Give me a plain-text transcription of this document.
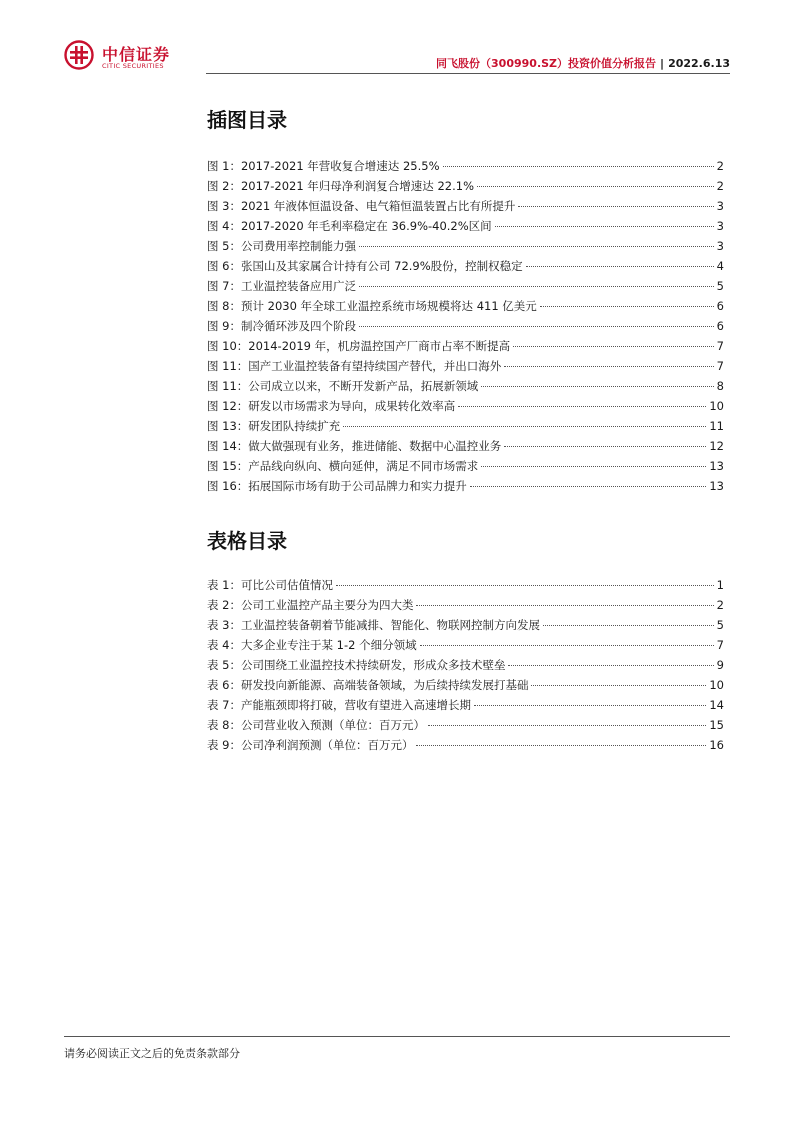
中信证券
CITIC SECURITIES	同飞股份（300990.SZ）投资价值分析报告 | 2022.6.13
插图目录
图 1：2017-2021 年营收复合增速达 25.5%	2
图 2：2017-2021 年归母净利润复合增速达 22.1%	2
图 3：2021 年液体恒温设备、电气箱恒温装置占比有所提升	3
图 4：2017-2020 年毛利率稳定在 36.9%-40.2%区间	3
图 5：公司费用率控制能力强	3
图 6：张国山及其家属合计持有公司 72.9%股份，控制权稳定	4
图 7：工业温控装备应用广泛	5
图 8：预计 2030 年全球工业温控系统市场规模将达 411 亿美元	6
图 9：制冷循环涉及四个阶段	6
图 10：2014-2019 年，机房温控国产厂商市占率不断提高	7
图 11：国产工业温控装备有望持续国产替代，并出口海外	7
图 11：公司成立以来，不断开发新产品，拓展新领域	8
图 12：研发以市场需求为导向，成果转化效率高	10
图 13：研发团队持续扩充	11
图 14：做大做强现有业务，推进储能、数据中心温控业务	12
图 15：产品线向纵向、横向延伸，满足不同市场需求	13
图 16：拓展国际市场有助于公司品牌力和实力提升	13
表格目录
表 1：可比公司估值情况	1
表 2：公司工业温控产品主要分为四大类	2
表 3：工业温控装备朝着节能减排、智能化、物联网控制方向发展	5
表 4：大多企业专注于某 1-2 个细分领域	7
表 5：公司围绕工业温控技术持续研发，形成众多技术壁垒	9
表 6：研发投向新能源、高端装备领域，为后续持续发展打基础	10
表 7：产能瓶颈即将打破，营收有望进入高速增长期	14
表 8：公司营业收入预测（单位：百万元）	15
表 9：公司净利润预测（单位：百万元）	16
请务必阅读正文之后的免责条款部分
